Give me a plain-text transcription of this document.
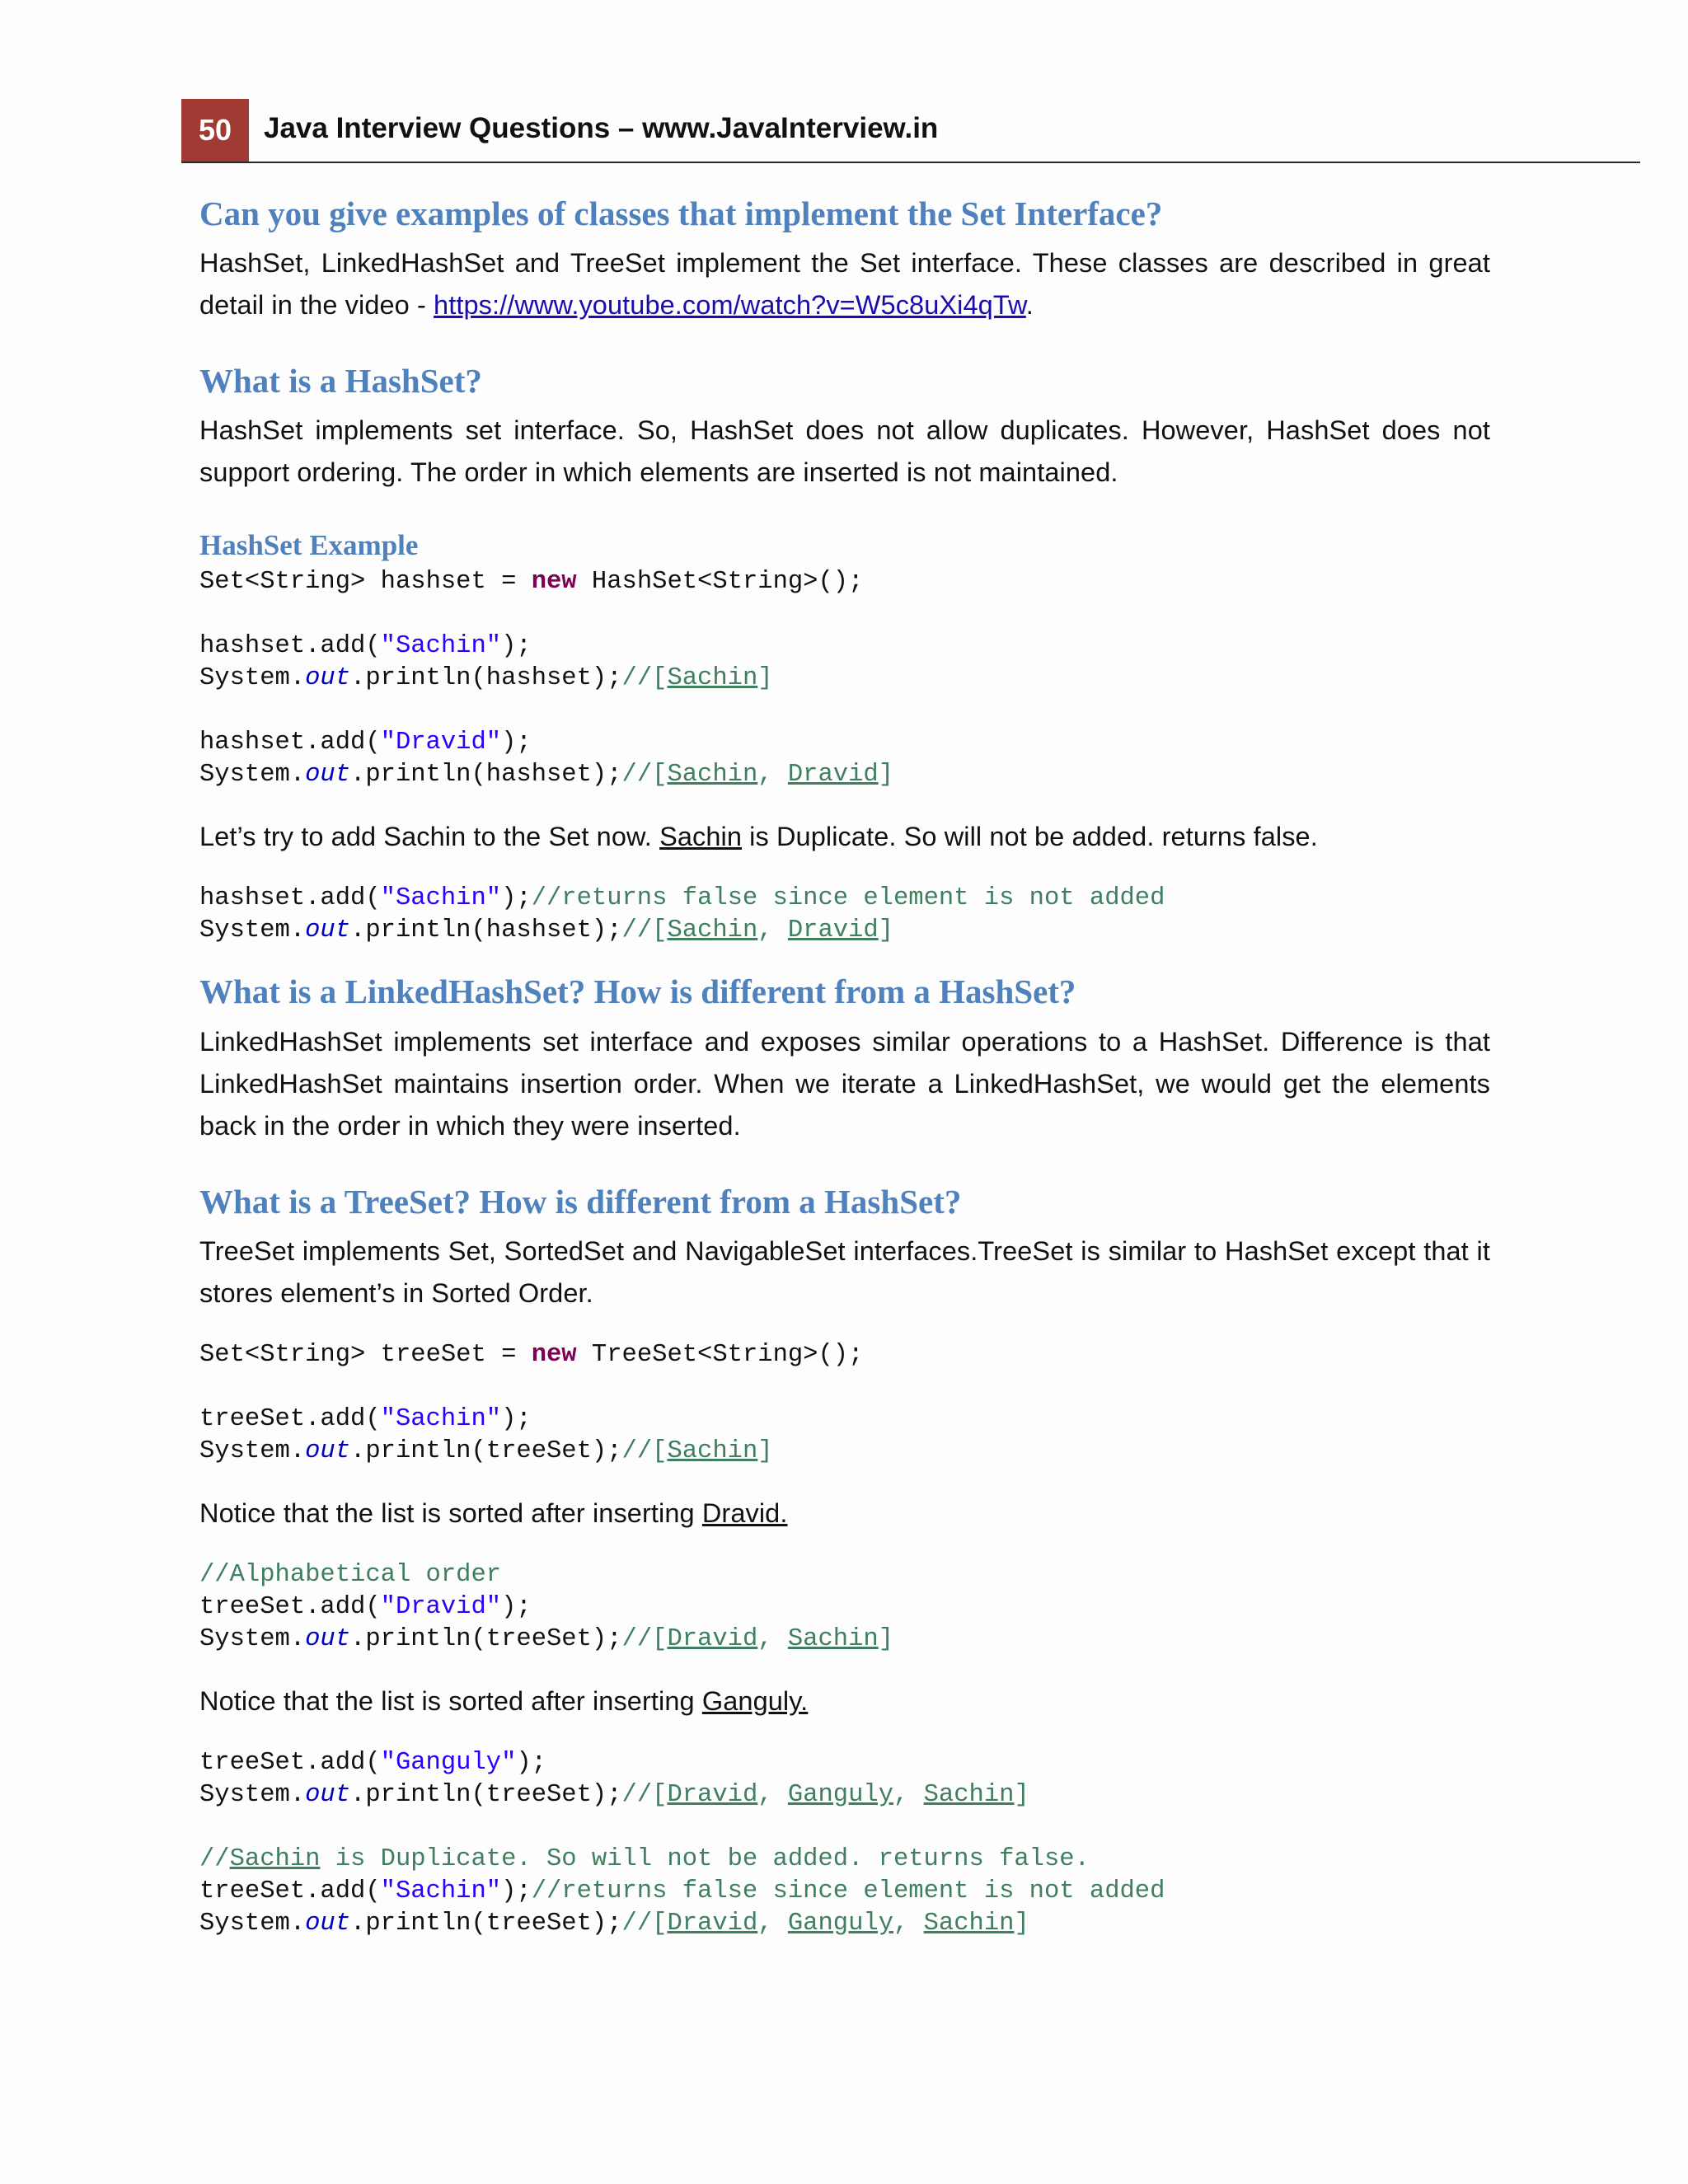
50	Java Interview Questions – www.JavaInterview.in
Can you give examples of classes that implement the Set Interface?

HashSet, LinkedHashSet and TreeSet implement the Set interface. These classes are described in great detail in the video - https://www.youtube.com/watch?v=W5c8uXi4qTw.

What is a HashSet?

HashSet implements set interface. So, HashSet does not allow duplicates. However, HashSet does not support ordering. The order in which elements are inserted is not maintained.

HashSet Example
Set<String> hashset = new HashSet<String>();

hashset.add("Sachin");
System.out.println(hashset);//[Sachin]

hashset.add("Dravid");
System.out.println(hashset);//[Sachin, Dravid]

Let’s try to add Sachin to the Set now. Sachin is Duplicate. So will not be added. returns false.

hashset.add("Sachin");//returns false since element is not added
System.out.println(hashset);//[Sachin, Dravid]
What is a LinkedHashSet? How is different from a HashSet?

LinkedHashSet implements set interface and exposes similar operations to a HashSet. Difference is that LinkedHashSet maintains insertion order. When we iterate a LinkedHashSet, we would get the elements back in the order in which they were inserted.

What is a TreeSet? How is different from a HashSet?

TreeSet implements Set, SortedSet and NavigableSet interfaces.TreeSet is similar to HashSet except that it stores element’s in Sorted Order.

Set<String> treeSet = new TreeSet<String>();

treeSet.add("Sachin");
System.out.println(treeSet);//[Sachin]

Notice that the list is sorted after inserting Dravid.

//Alphabetical order
treeSet.add("Dravid");
System.out.println(treeSet);//[Dravid, Sachin]

Notice that the list is sorted after inserting Ganguly.

treeSet.add("Ganguly");
System.out.println(treeSet);//[Dravid, Ganguly, Sachin]

//Sachin is Duplicate. So will not be added. returns false.
treeSet.add("Sachin");//returns false since element is not added
System.out.println(treeSet);//[Dravid, Ganguly, Sachin]
